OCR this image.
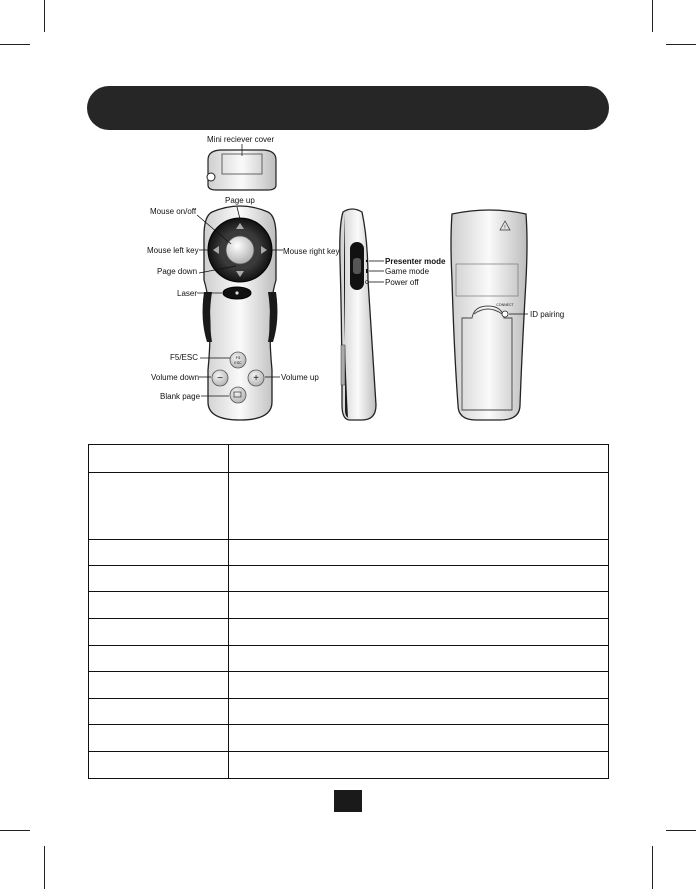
Mini reciever cover
F5
ESC
−	+
Page up
Mouse on/off
Mouse left key	Mouse right key
Page down
Laser
F5/ESC
Volume down	Volume up
Blank page
Presenter mode
Game mode
Power off
!
CONNECT
ID pairing
